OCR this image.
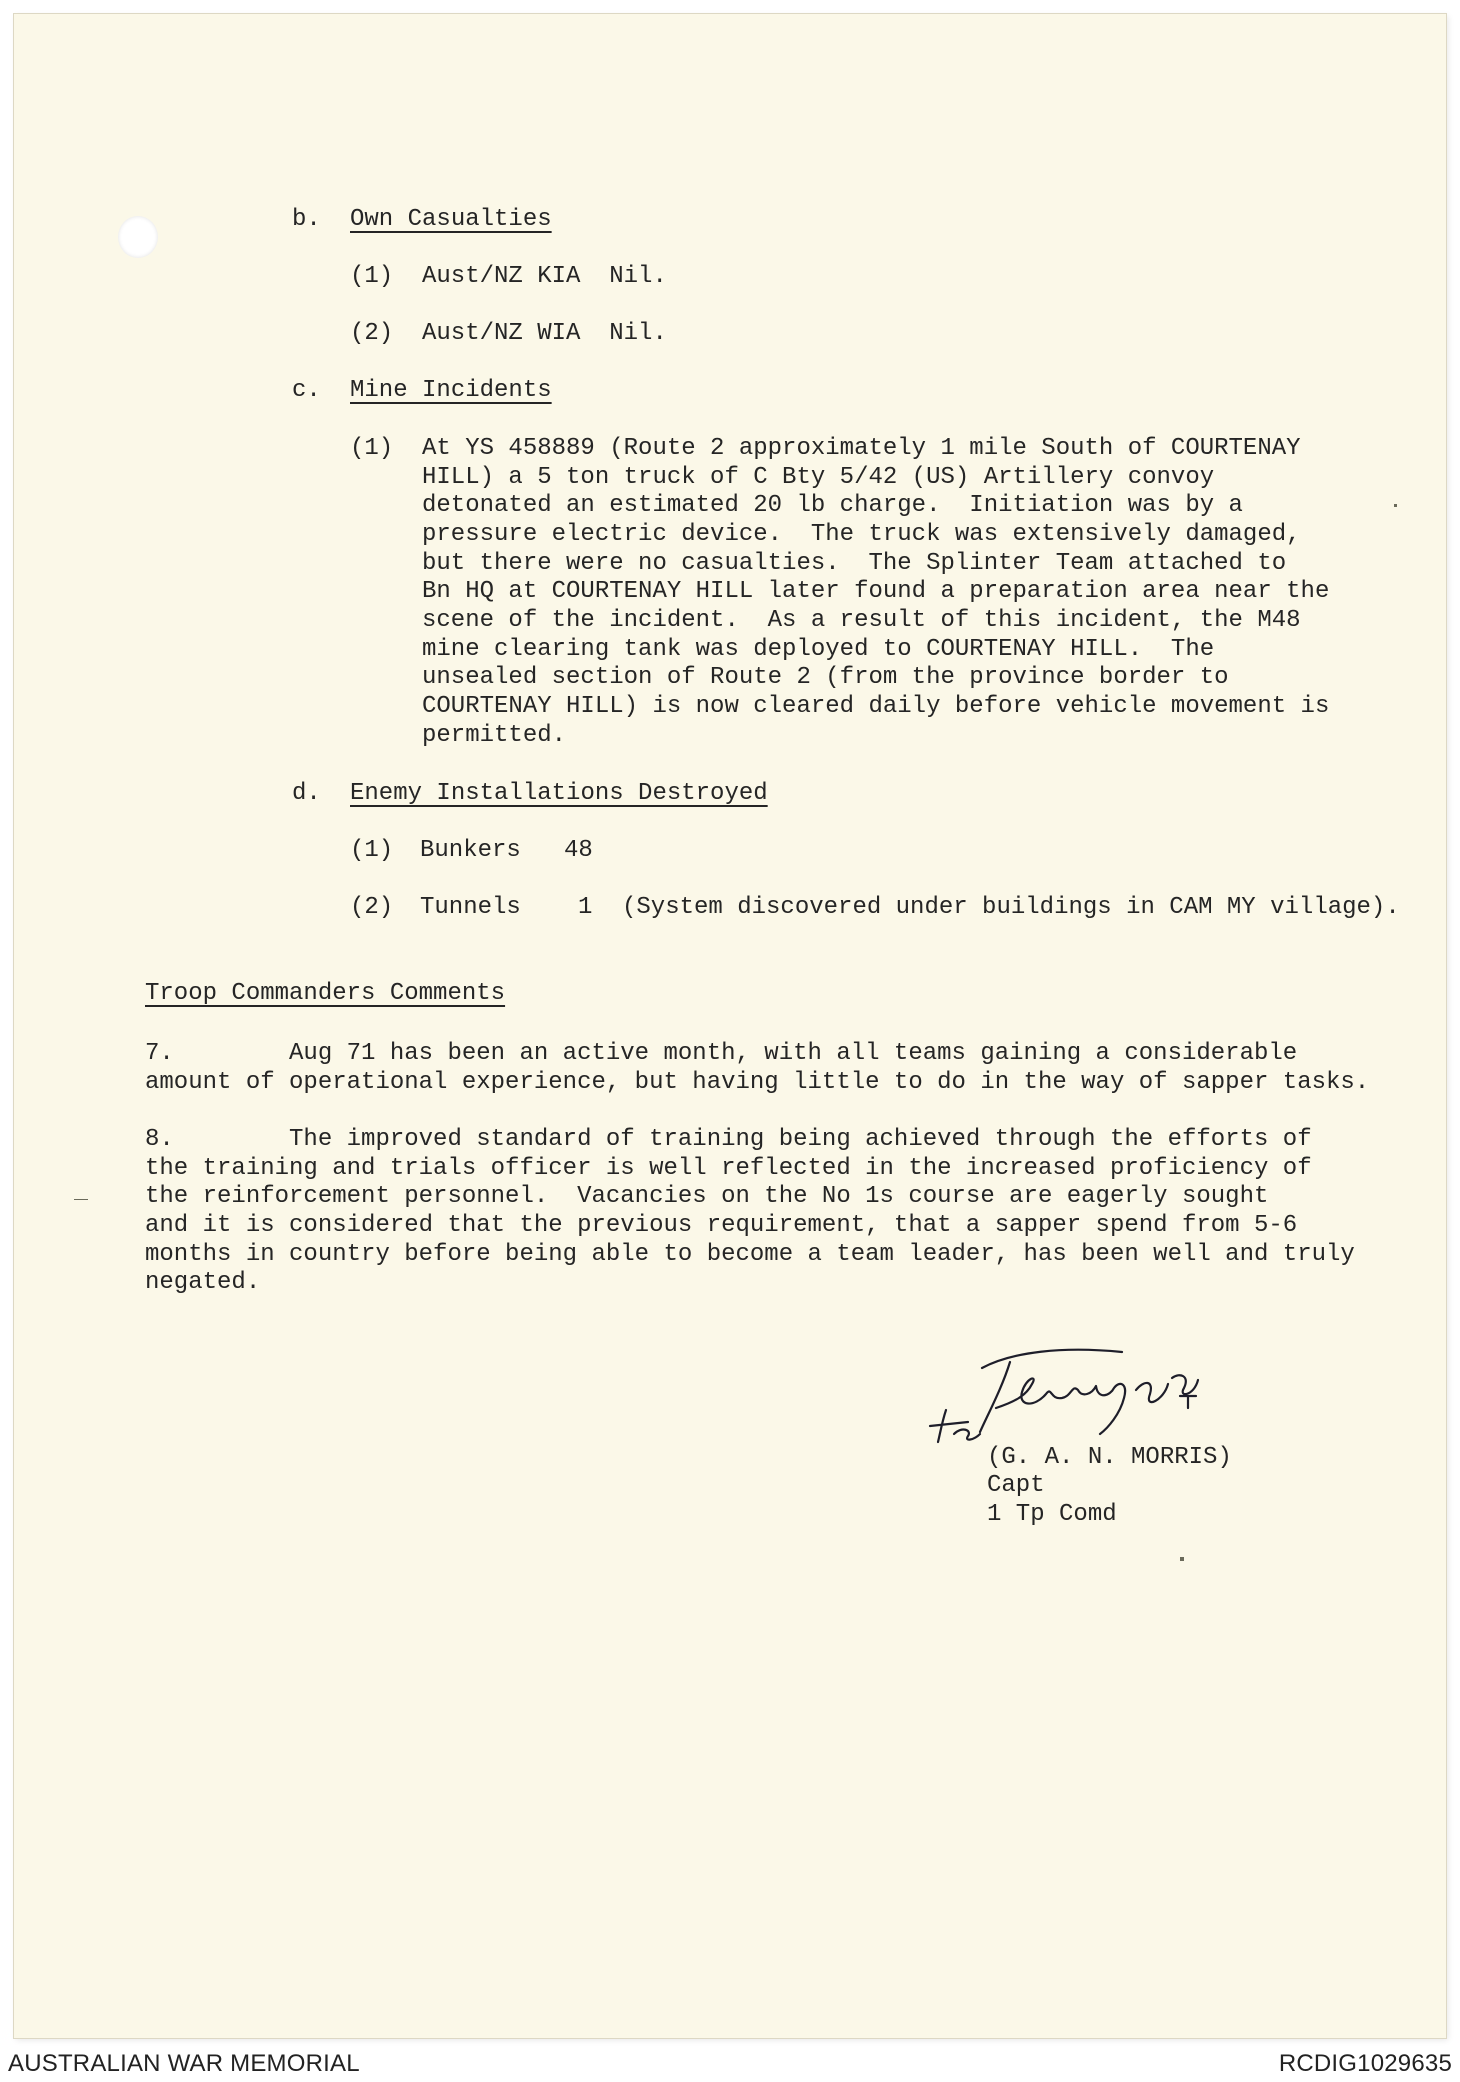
b. Own Casualties
(1) Aust/NZ KIA  Nil.
(2) Aust/NZ WIA  Nil.
c. Mine Incidents
(1) At YS 458889 (Route 2 approximately 1 mile South of COURTENAY
HILL) a 5 ton truck of C Bty 5/42 (US) Artillery convoy
detonated an estimated 20 lb charge.  Initiation was by a
pressure electric device.  The truck was extensively damaged,
but there were no casualties.  The Splinter Team attached to
Bn HQ at COURTENAY HILL later found a preparation area near the
scene of the incident.  As a result of this incident, the M48
mine clearing tank was deployed to COURTENAY HILL.  The
unsealed section of Route 2 (from the province border to
COURTENAY HILL) is now cleared daily before vehicle movement is
permitted.
d. Enemy Installations Destroyed
(1) Bunkers 48
(2) Tunnels 1 (System discovered under buildings in CAM MY village).
Troop Commanders Comments
7.        Aug 71 has been an active month, with all teams gaining a considerable
amount of operational experience, but having little to do in the way of sapper tasks.
8.        The improved standard of training being achieved through the efforts of
the training and trials officer is well reflected in the increased proficiency of
the reinforcement personnel.  Vacancies on the No 1s course are eagerly sought
and it is considered that the previous requirement, that a sapper spend from 5-6
months in country before being able to become a team leader, has been well and truly
negated.
(G. A. N. MORRIS)
Capt
1 Tp Comd
AUSTRALIAN WAR MEMORIAL	RCDIG1029635
